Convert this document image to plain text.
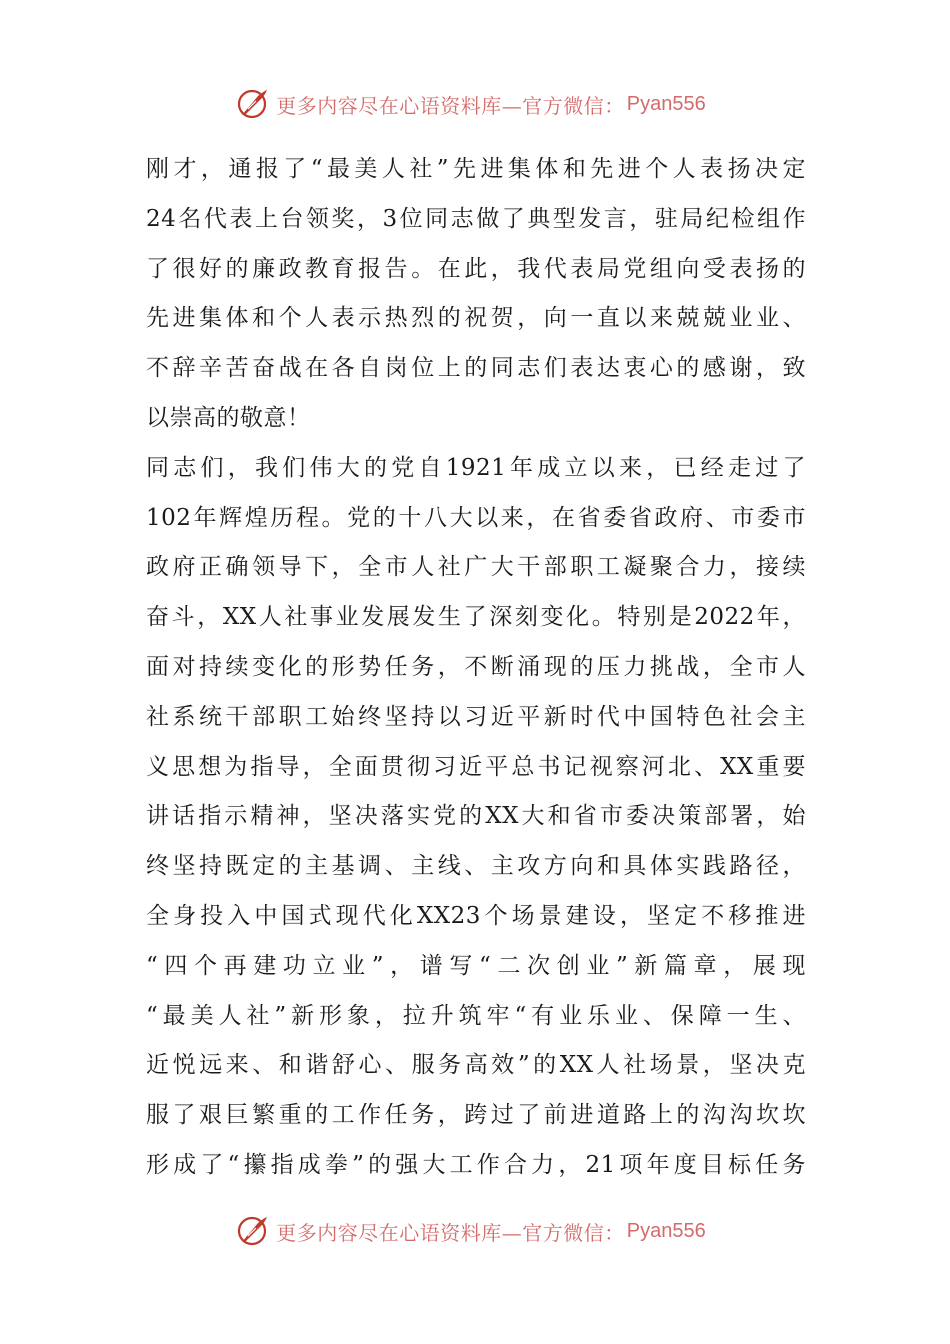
更多内容尽在心语资料库—官方微信： Pyan556
刚才，通报了“最美人社”先进集体和先进个人表扬决定
24名代表上台领奖，3位同志做了典型发言，驻局纪检组作
了很好的廉政教育报告。在此，我代表局党组向受表扬的
先进集体和个人表示热烈的祝贺，向一直以来兢兢业业、
不辞辛苦奋战在各自岗位上的同志们表达衷心的感谢，致
以崇高的敬意！
同志们，我们伟大的党自1921年成立以来，已经走过了
102年辉煌历程。党的十八大以来，在省委省政府、市委市
政府正确领导下，全市人社广大干部职工凝聚合力，接续
奋斗，XX人社事业发展发生了深刻变化。特别是2022年，
面对持续变化的形势任务，不断涌现的压力挑战，全市人
社系统干部职工始终坚持以习近平新时代中国特色社会主
义思想为指导，全面贯彻习近平总书记视察河北、XX重要
讲话指示精神，坚决落实党的XX大和省市委决策部署，始
终坚持既定的主基调、主线、主攻方向和具体实践路径，
全身投入中国式现代化XX23个场景建设，坚定不移推进
“四个再建功立业”，谱写“二次创业”新篇章，展现
“最美人社”新形象，拉升筑牢“有业乐业、保障一生、
近悦远来、和谐舒心、服务高效”的XX人社场景，坚决克
服了艰巨繁重的工作任务，跨过了前进道路上的沟沟坎坎
形成了“攥指成拳”的强大工作合力，21项年度目标任务
更多内容尽在心语资料库—官方微信： Pyan556
